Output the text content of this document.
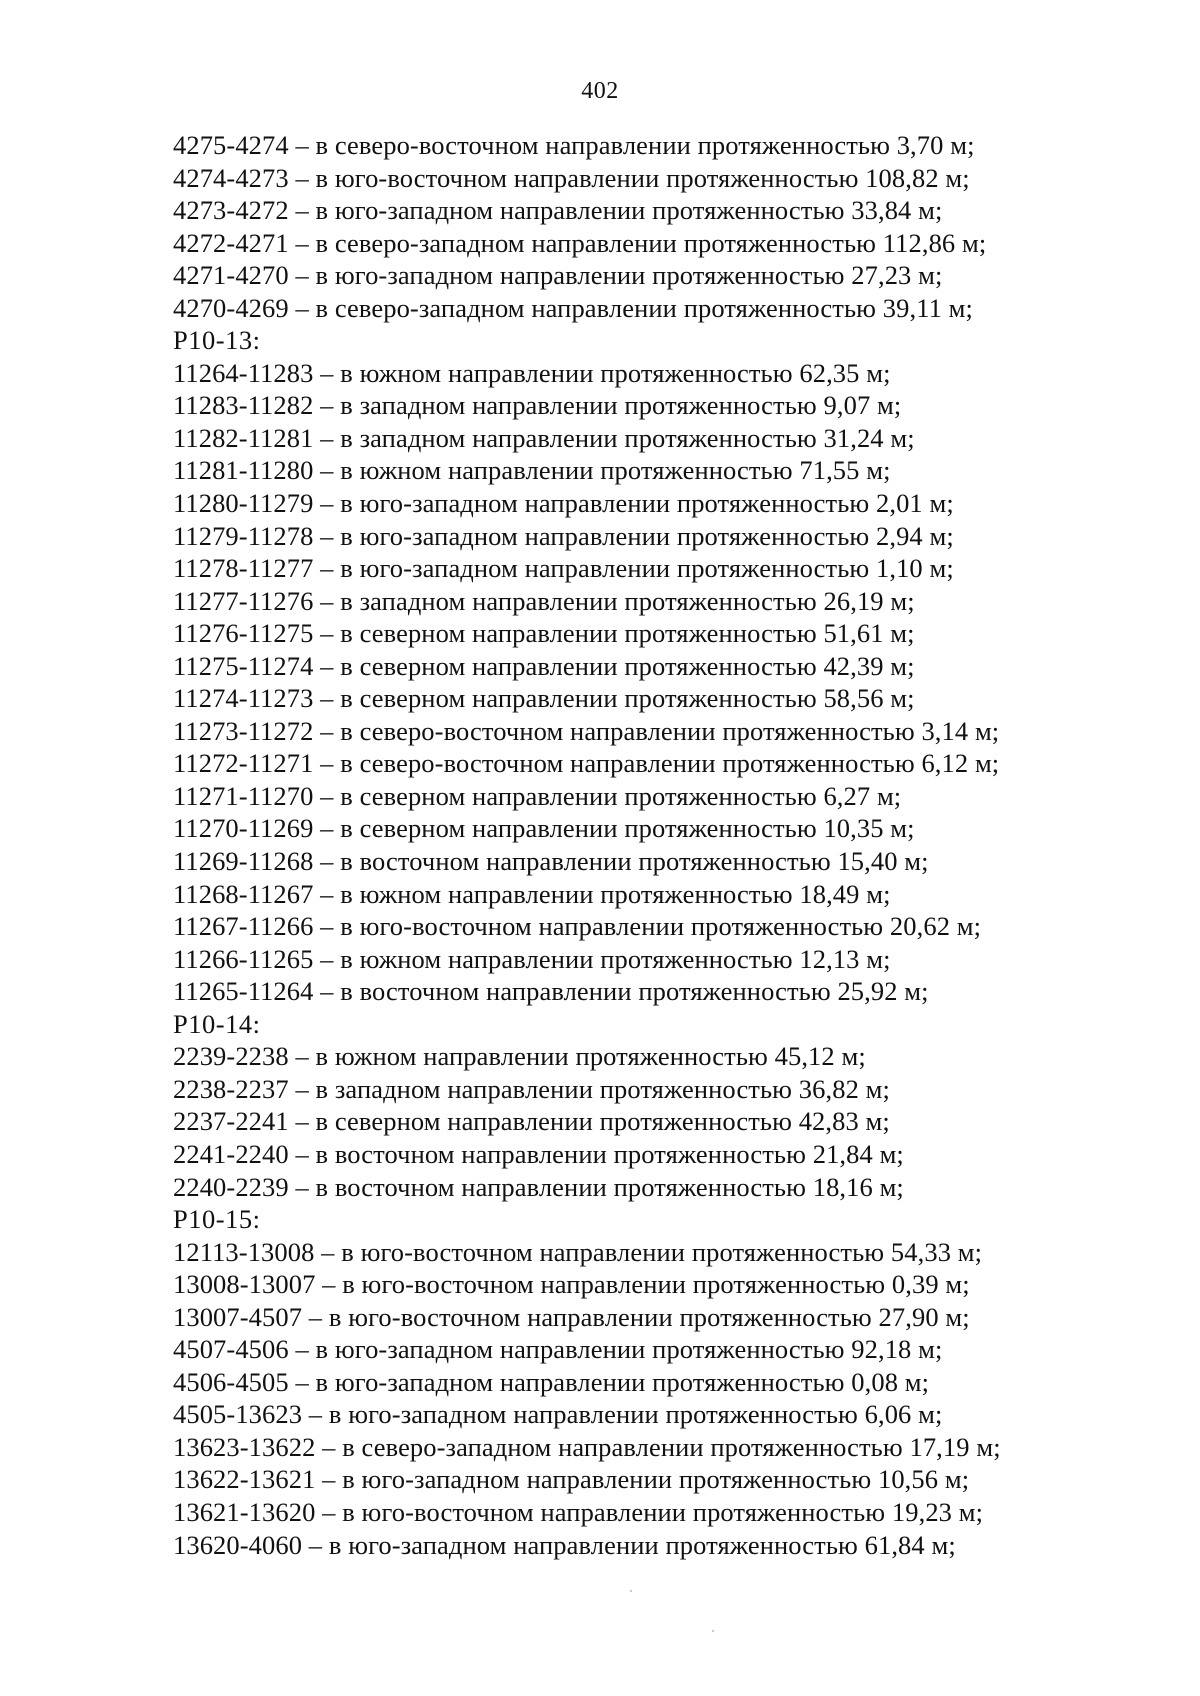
402
4275-4274 – в северо-восточном направлении протяженностью 3,70 м;
4274-4273 – в юго-восточном направлении протяженностью 108,82 м;
4273-4272 – в юго-западном направлении протяженностью 33,84 м;
4272-4271 – в северо-западном направлении протяженностью 112,86 м;
4271-4270 – в юго-западном направлении протяженностью 27,23 м;
4270-4269 – в северо-западном направлении протяженностью 39,11 м;
Р10-13:
11264-11283 – в южном направлении протяженностью 62,35 м;
11283-11282 – в западном направлении протяженностью 9,07 м;
11282-11281 – в западном направлении протяженностью 31,24 м;
11281-11280 – в южном направлении протяженностью 71,55 м;
11280-11279 – в юго-западном направлении протяженностью 2,01 м;
11279-11278 – в юго-западном направлении протяженностью 2,94 м;
11278-11277 – в юго-западном направлении протяженностью 1,10 м;
11277-11276 – в западном направлении протяженностью 26,19 м;
11276-11275 – в северном направлении протяженностью 51,61 м;
11275-11274 – в северном направлении протяженностью 42,39 м;
11274-11273 – в северном направлении протяженностью 58,56 м;
11273-11272 – в северо-восточном направлении протяженностью 3,14 м;
11272-11271 – в северо-восточном направлении протяженностью 6,12 м;
11271-11270 – в северном направлении протяженностью 6,27 м;
11270-11269 – в северном направлении протяженностью 10,35 м;
11269-11268 – в восточном направлении протяженностью 15,40 м;
11268-11267 – в южном направлении протяженностью 18,49 м;
11267-11266 – в юго-восточном направлении протяженностью 20,62 м;
11266-11265 – в южном направлении протяженностью 12,13 м;
11265-11264 – в восточном направлении протяженностью 25,92 м;
Р10-14:
2239-2238 – в южном направлении протяженностью 45,12 м;
2238-2237 – в западном направлении протяженностью 36,82 м;
2237-2241 – в северном направлении протяженностью 42,83 м;
2241-2240 – в восточном направлении протяженностью 21,84 м;
2240-2239 – в восточном направлении протяженностью 18,16 м;
Р10-15:
12113-13008 – в юго-восточном направлении протяженностью 54,33 м;
13008-13007 – в юго-восточном направлении протяженностью 0,39 м;
13007-4507 – в юго-восточном направлении протяженностью 27,90 м;
4507-4506 – в юго-западном направлении протяженностью 92,18 м;
4506-4505 – в юго-западном направлении протяженностью 0,08 м;
4505-13623 – в юго-западном направлении протяженностью 6,06 м;
13623-13622 – в северо-западном направлении протяженностью 17,19 м;
13622-13621 – в юго-западном направлении протяженностью 10,56 м;
13621-13620 – в юго-восточном направлении протяженностью 19,23 м;
13620-4060 – в юго-западном направлении протяженностью 61,84 м;
